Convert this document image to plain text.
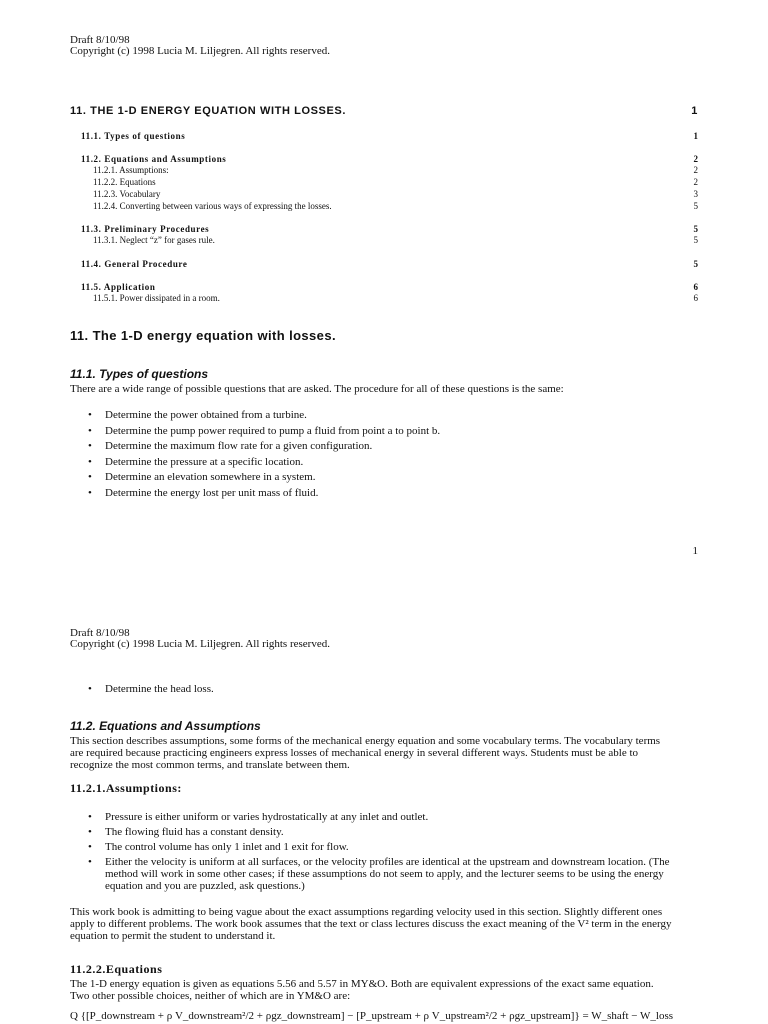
Draft 8/10/98
Copyright (c) 1998 Lucia M. Liljegren. All rights reserved.
11. THE 1-D ENERGY EQUATION WITH LOSSES.	1
11.1. Types of questions	1
11.2. Equations and Assumptions	2
11.2.1. Assumptions:	2
11.2.2. Equations	2
11.2.3. Vocabulary	3
11.2.4. Converting between various ways of expressing the losses.	5
11.3. Preliminary Procedures	5
11.3.1. Neglect “z” for gases rule.	5
11.4. General Procedure	5
11.5. Application	6
11.5.1. Power dissipated in a room.	6
11. The 1-D energy equation with losses.
11.1. Types of questions
There are a wide range of possible questions that are asked. The procedure for all of these questions is the same:
• Determine the power obtained from a turbine.
• Determine the pump power required to pump a fluid from point a to point b.
• Determine the maximum flow rate for a given configuration.
• Determine the pressure at a specific location.
• Determine an elevation somewhere in a system.
• Determine the energy lost per unit mass of fluid.
1
Draft 8/10/98
Copyright (c) 1998 Lucia M. Liljegren. All rights reserved.
• Determine the head loss.
11.2. Equations and Assumptions
This section describes assumptions, some forms of the mechanical energy equation and some vocabulary terms. The vocabulary terms
are required because practicing engineers express losses of mechanical energy in several different ways. Students must be able to
recognize the most common terms, and translate between them.
11.2.1.Assumptions:
• Pressure is either uniform or varies hydrostatically at any inlet and outlet.
• The flowing fluid has a constant density.
• The control volume has only 1 inlet and 1 exit for flow.
• Either the velocity is uniform at all surfaces, or the velocity profiles are identical at the upstream and downstream location. (The
method will work in some other cases; if these assumptions do not seem to apply, and the lecturer seems to be using the energy
equation and you are puzzled, ask questions.)
This work book is admitting to being vague about the exact assumptions regarding velocity used in this section. Slightly different ones
apply to different problems. The work book assumes that the text or class lectures discuss the exact meaning of the V² term in the energy
equation to permit the student to understand it.
11.2.2.Equations
The 1-D energy equation is given as equations 5.56 and 5.57 in MY&O. Both are equivalent expressions of the exact same equation.
Two other possible choices, neither of which are in YM&O are:
Q {[P_downstream + ρ V_downstream²/2 + ρgz_downstream] − [P_upstream + ρ V_upstream²/2 + ρgz_upstream]} = W_shaft − W_loss
